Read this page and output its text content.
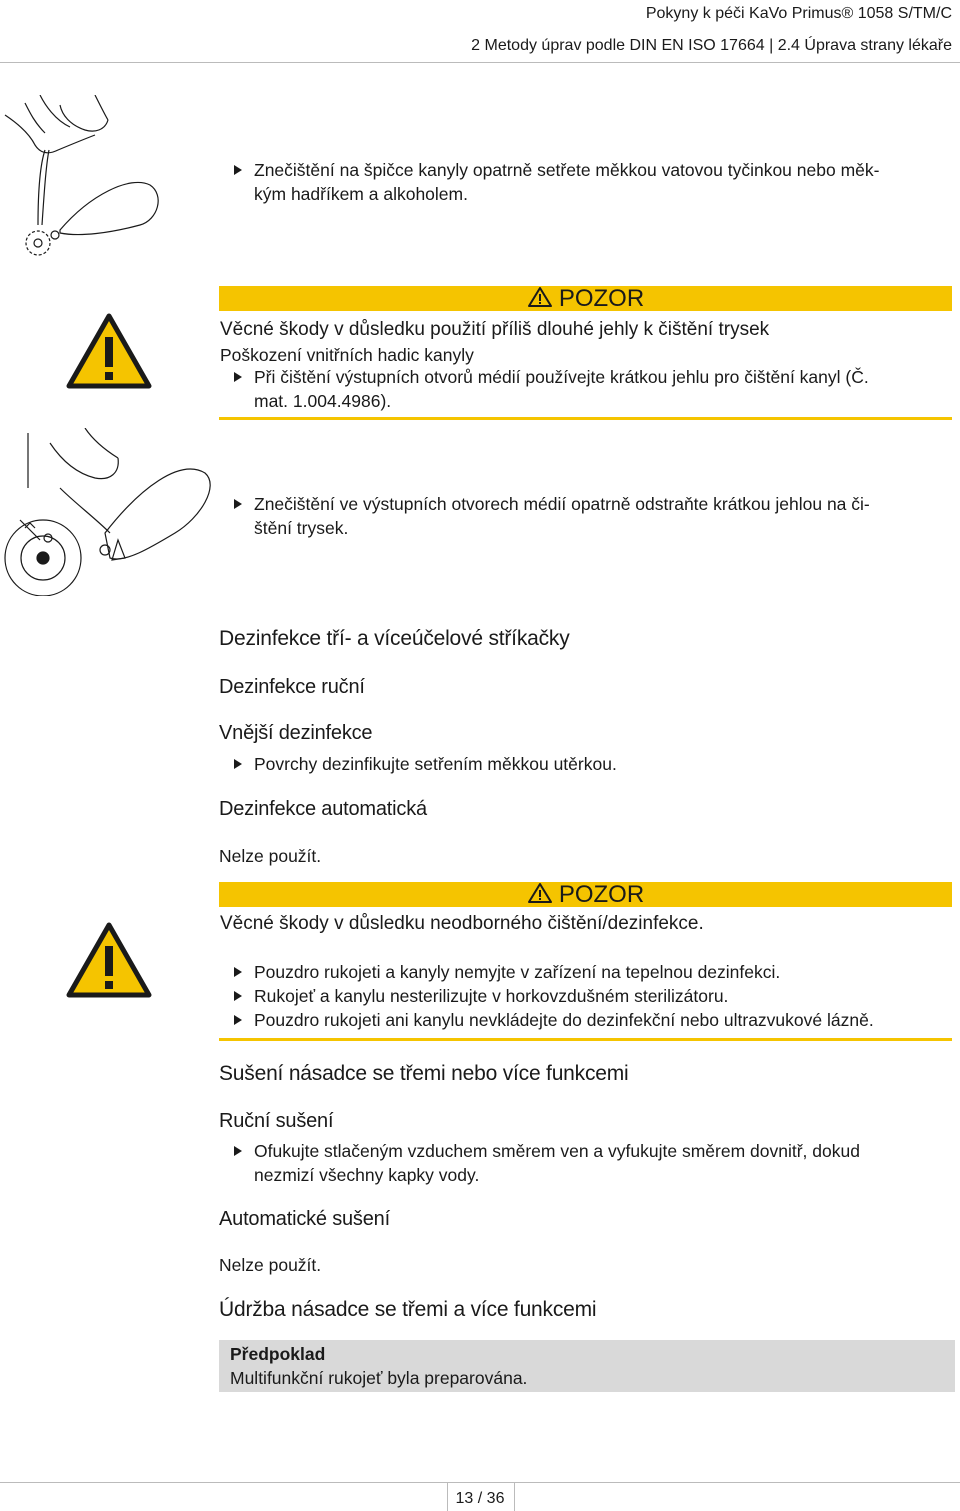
Pokyny k péči KaVo Primus® 1058 S/TM/C
2 Metody úprav podle DIN EN ISO 17664 | 2.4 Úprava strany lékaře
Znečištění na špičce kanyly opatrně setřete měkkou vatovou tyčinkou nebo měk-
kým hadříkem a alkoholem.
POZOR
Věcné škody v důsledku použití příliš dlouhé jehly k čištění trysek
Poškození vnitřních hadic kanyly
Při čištění výstupních otvorů médií používejte krátkou jehlu pro čištění kanyl (Č.
mat. 1.004.4986).
Znečištění ve výstupních otvorech médií opatrně odstraňte krátkou jehlou na či-
štění trysek.
Dezinfekce tří- a víceúčelové stříkačky
Dezinfekce ruční
Vnější dezinfekce
Povrchy dezinfikujte setřením měkkou utěrkou.
Dezinfekce automatická
Nelze použít.
POZOR
Věcné škody v důsledku neodborného čištění/dezinfekce.
Pouzdro rukojeti a kanyly nemyjte v zařízení na tepelnou dezinfekci.
Rukojeť a kanylu nesterilizujte v horkovzdušném sterilizátoru.
Pouzdro rukojeti ani kanylu nevkládejte do dezinfekční nebo ultrazvukové lázně.
Sušení násadce se třemi nebo více funkcemi
Ruční sušení
Ofukujte stlačeným vzduchem směrem ven a vyfukujte směrem dovnitř, dokud
nezmizí všechny kapky vody.
Automatické sušení
Nelze použít.
Údržba násadce se třemi a více funkcemi
Předpoklad
Multifunkční rukojeť byla preparována.
13 / 36
